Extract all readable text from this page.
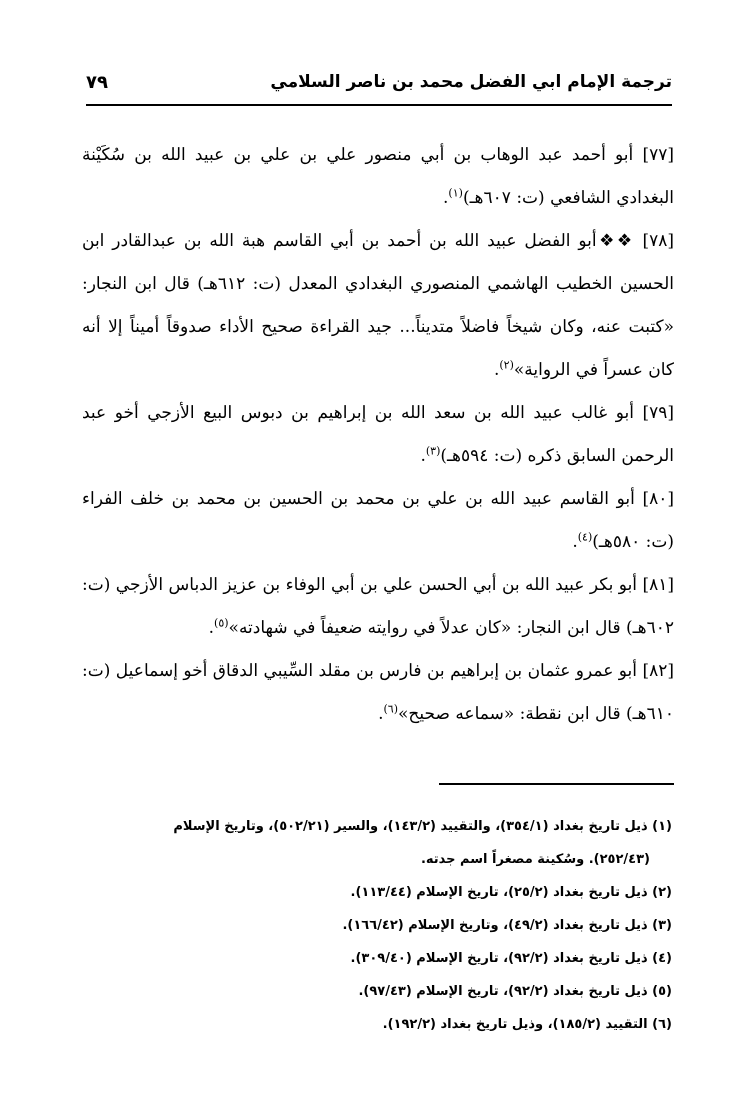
ترجمة الإمام ابي الفضل محمد بن ناصر السلامي
٧٩

[٧٧] أبو أحمد عبد الوهاب بن أبي منصور علي بن علي بن عبيد الله بن سُكَيْنة البغدادي الشافعي (ت: ٦٠٧هـ)$^{(١)}$.

[٧٨] ❖❖أبو الفضل عبيد الله بن أحمد بن أبي القاسم هبة الله بن عبدالقادر ابن الحسين الخطيب الهاشمي المنصوري البغدادي المعدل (ت: ٦١٢هـ) قال ابن النجار: «كتبت عنه، وكان شيخاً فاضلاً متديناً... جيد القراءة صحيح الأداء صدوقاً أميناً إلا أنه كان عسراً في الرواية»$^{(٢)}$.

[٧٩] أبو غالب عبيد الله بن سعد الله بن إبراهيم بن دبوس البيع الأزجي أخو عبد الرحمن السابق ذكره (ت: ٥٩٤هـ)$^{(٣)}$.

[٨٠] أبو القاسم عبيد الله بن علي بن محمد بن الحسين بن محمد بن خلف الفراء (ت: ٥٨٠هـ)$^{(٤)}$.

[٨١] أبو بكر عبيد الله بن أبي الحسن علي بن أبي الوفاء بن عزيز الدباس الأزجي (ت: ٦٠٢هـ) قال ابن النجار: «كان عدلاً في روايته ضعيفاً في شهادته»$^{(٥)}$.

[٨٢] أبو عمرو عثمان بن إبراهيم بن فارس بن مقلد السِّيبي الدقاق أخو إسماعيل (ت: ٦١٠هـ) قال ابن نقطة: «سماعه صحيح»$^{(٦)}$.

(١) ذيل تاريخ بغداد (٣٥٤/١)، والتقييد (١٤٣/٢)، والسير (٥٠٢/٢١)، وتاريخ الإسلام
(٢٥٢/٤٣). وسُكينة مصغراً اسم جدته.

(٢) ذيل تاريخ بغداد (٢٥/٢)، تاريخ الإسلام (١١٣/٤٤).

(٣) ذيل تاريخ بغداد (٤٩/٢)، وتاريخ الإسلام (١٦٦/٤٢).

(٤) ذيل تاريخ بغداد (٩٢/٢)، تاريخ الإسلام (٣٠٩/٤٠).

(٥) ذيل تاريخ بغداد (٩٢/٢)، تاريخ الإسلام (٩٧/٤٣).

(٦) التقييد (١٨٥/٢)، وذيل تاريخ بغداد (١٩٢/٢).
